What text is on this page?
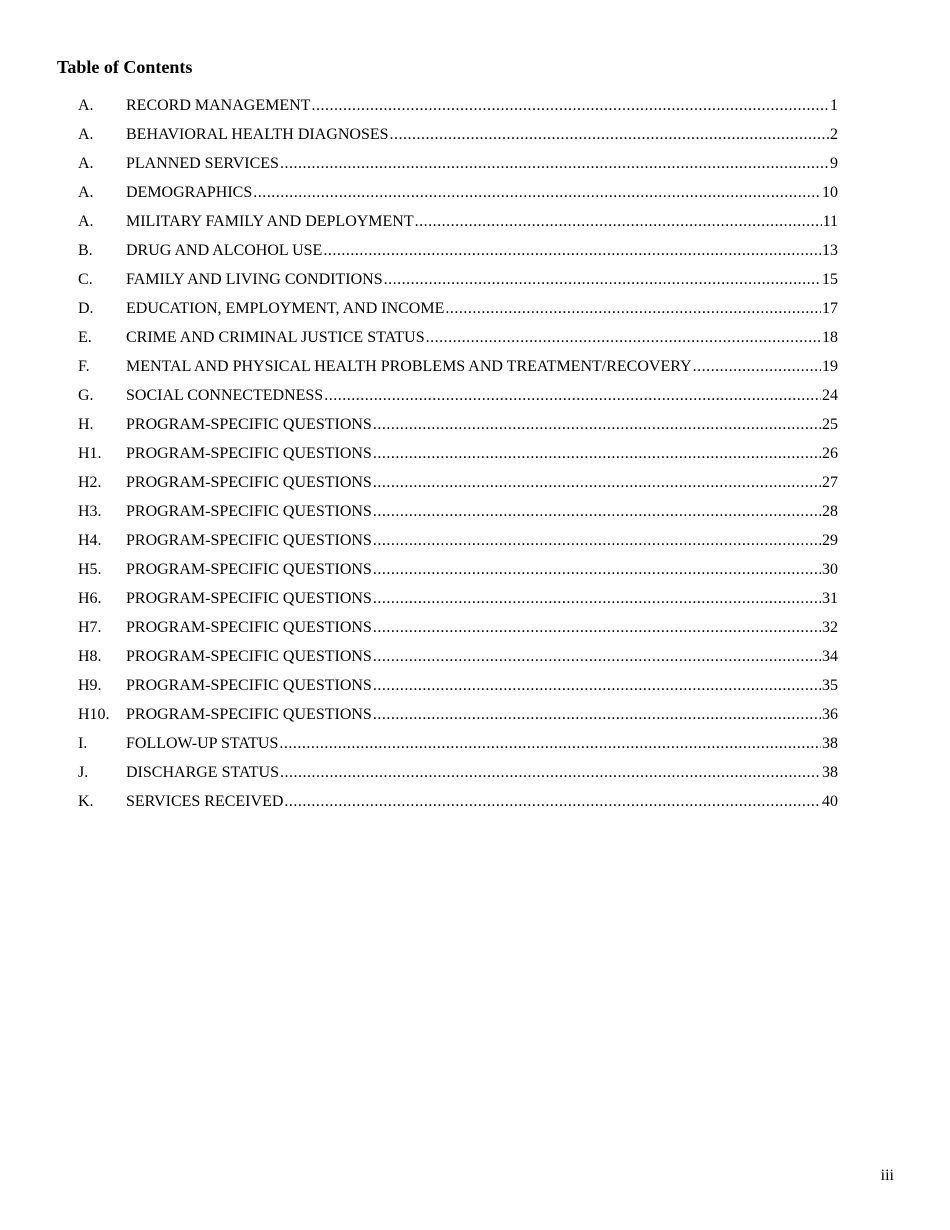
Table of Contents
A.	RECORD MANAGEMENT .....	1
A.	BEHAVIORAL HEALTH DIAGNOSES .....	2
A.	PLANNED SERVICES .....	9
A.	DEMOGRAPHICS .....	10
A.	MILITARY FAMILY AND DEPLOYMENT .....	11
B.	DRUG AND ALCOHOL USE .....	13
C.	FAMILY AND LIVING CONDITIONS .....	15
D.	EDUCATION, EMPLOYMENT, AND INCOME .....	17
E.	CRIME AND CRIMINAL JUSTICE STATUS .....	18
F.	MENTAL AND PHYSICAL HEALTH PROBLEMS AND TREATMENT/RECOVERY .....	19
G.	SOCIAL CONNECTEDNESS .....	24
H.	PROGRAM-SPECIFIC QUESTIONS .....	25
H1.	PROGRAM-SPECIFIC QUESTIONS .....	26
H2.	PROGRAM-SPECIFIC QUESTIONS .....	27
H3.	PROGRAM-SPECIFIC QUESTIONS .....	28
H4.	PROGRAM-SPECIFIC QUESTIONS .....	29
H5.	PROGRAM-SPECIFIC QUESTIONS .....	30
H6.	PROGRAM-SPECIFIC QUESTIONS .....	31
H7.	PROGRAM-SPECIFIC QUESTIONS .....	32
H8.	PROGRAM-SPECIFIC QUESTIONS .....	34
H9.	PROGRAM-SPECIFIC QUESTIONS .....	35
H10.	PROGRAM-SPECIFIC QUESTIONS .....	36
I.	FOLLOW-UP STATUS .....	38
J.	DISCHARGE STATUS .....	38
K.	SERVICES RECEIVED .....	40
iii
